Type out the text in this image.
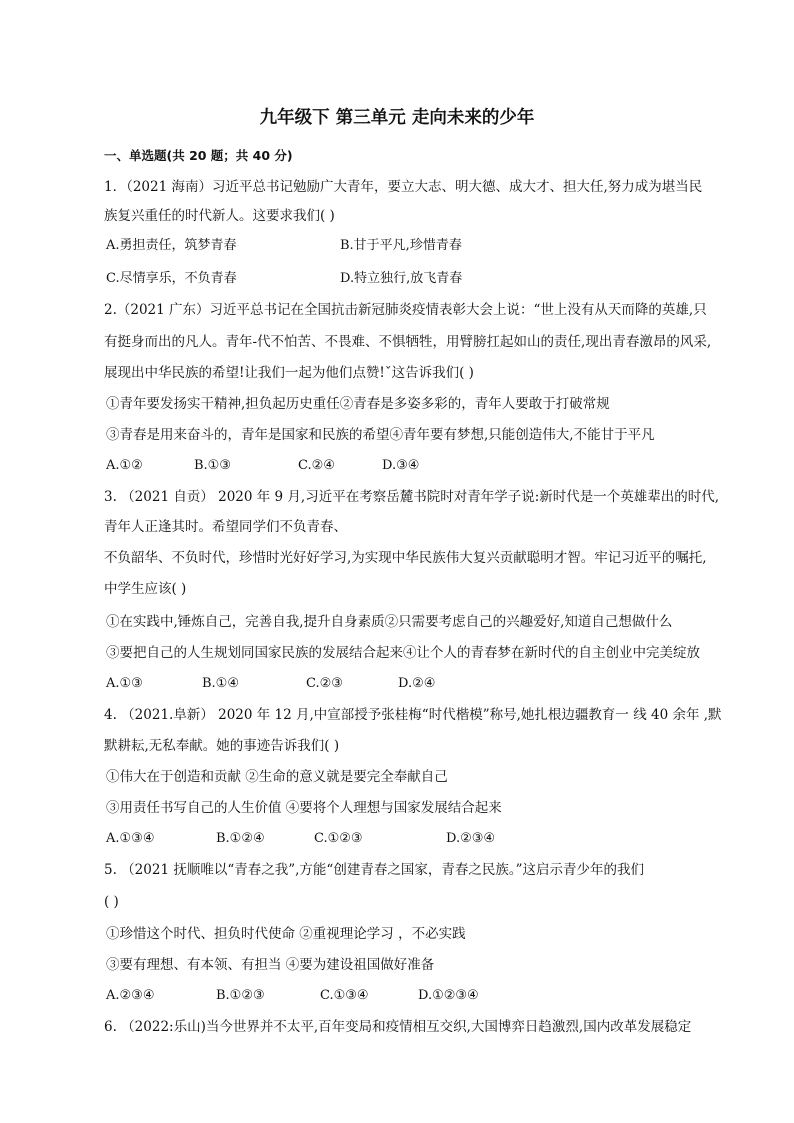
九年级下 第三单元 走向未来的少年
一、单选题(共 20 题；共 40 分)
1．（2021 海南）习近平总书记勉励广大青年，要立大志、明大德、成大才、担大任,努力成为堪当民
族复兴重任的时代新人。这要求我们( )
A.勇担责任，筑梦青春	B.甘于平凡,珍惜青春
C.尽情享乐，不负青春	D.特立独行,放飞青春
2.（2021 广东）习近平总书记在全国抗击新冠肺炎疫情表彰大会上说：“世上没有从天而降的英雄,只
有挺身而出的凡人。青年-代不怕苦、不畏难、不惧牺牲，用臂膀扛起如山的责任,现出青春激昂的风采,
展现出中华民族的希望!让我们一起为他们点赞!ˇ这告诉我们( )
①青年要发扬实干精神,担负起历史重任②青春是多姿多彩的，青年人要敢于打破常规
③青春是用来奋斗的，青年是国家和民族的希望④青年要有梦想,只能创造伟大,不能甘于平凡
A.①②	B.①③	C.②④	D.③④
3. （2021 自贡） 2020 年 9 月,习近平在考察岳麓书院时对青年学子说:新时代是一个英雄辈出的时代,
青年人正逢其时。希望同学们不负青春、
不负韶华、不负时代，珍惜时光好好学习,为实现中华民族伟大复兴贡献聪明才智。牢记习近平的嘱托,
中学生应该( )
①在实践中,锤炼自己，完善自我,提升自身素质②只需要考虑自己的兴趣爱好,知道自己想做什么
③要把自己的人生规划同国家民族的发展结合起来④让个人的青春梦在新时代的自主创业中完美绽放
A.①③	B.①④	C.②③	D.②④
4. （2021.阜新） 2020 年 12 月,中宣部授予张桂梅“时代楷模”称号,她扎根边疆教育一 线 40 余年 ,默
默耕耘,无私奉献。她的事迹告诉我们( )
①伟大在于创造和贡献 ②生命的意义就是要完全奉献自己
③用责任书写自己的人生价值 ④要将个人理想与国家发展结合起来
A.①③④	B.①②④	C.①②③	D.②③④
5. （2021 抚顺唯以“青春之我”,方能“创建青春之国家，青春之民族。”这启示青少年的我们
( )
①珍惜这个时代、担负时代使命 ②重视理论学习 ，不必实践
③要有理想、有本领、有担当 ④要为建设祖国做好准备
A.②③④	B.①②③	C.①③④	D.①②③④
6. （2022:乐山)当今世界并不太平,百年变局和疫情相互交织,大国博弈日趋激烈,国内改革发展稳定
